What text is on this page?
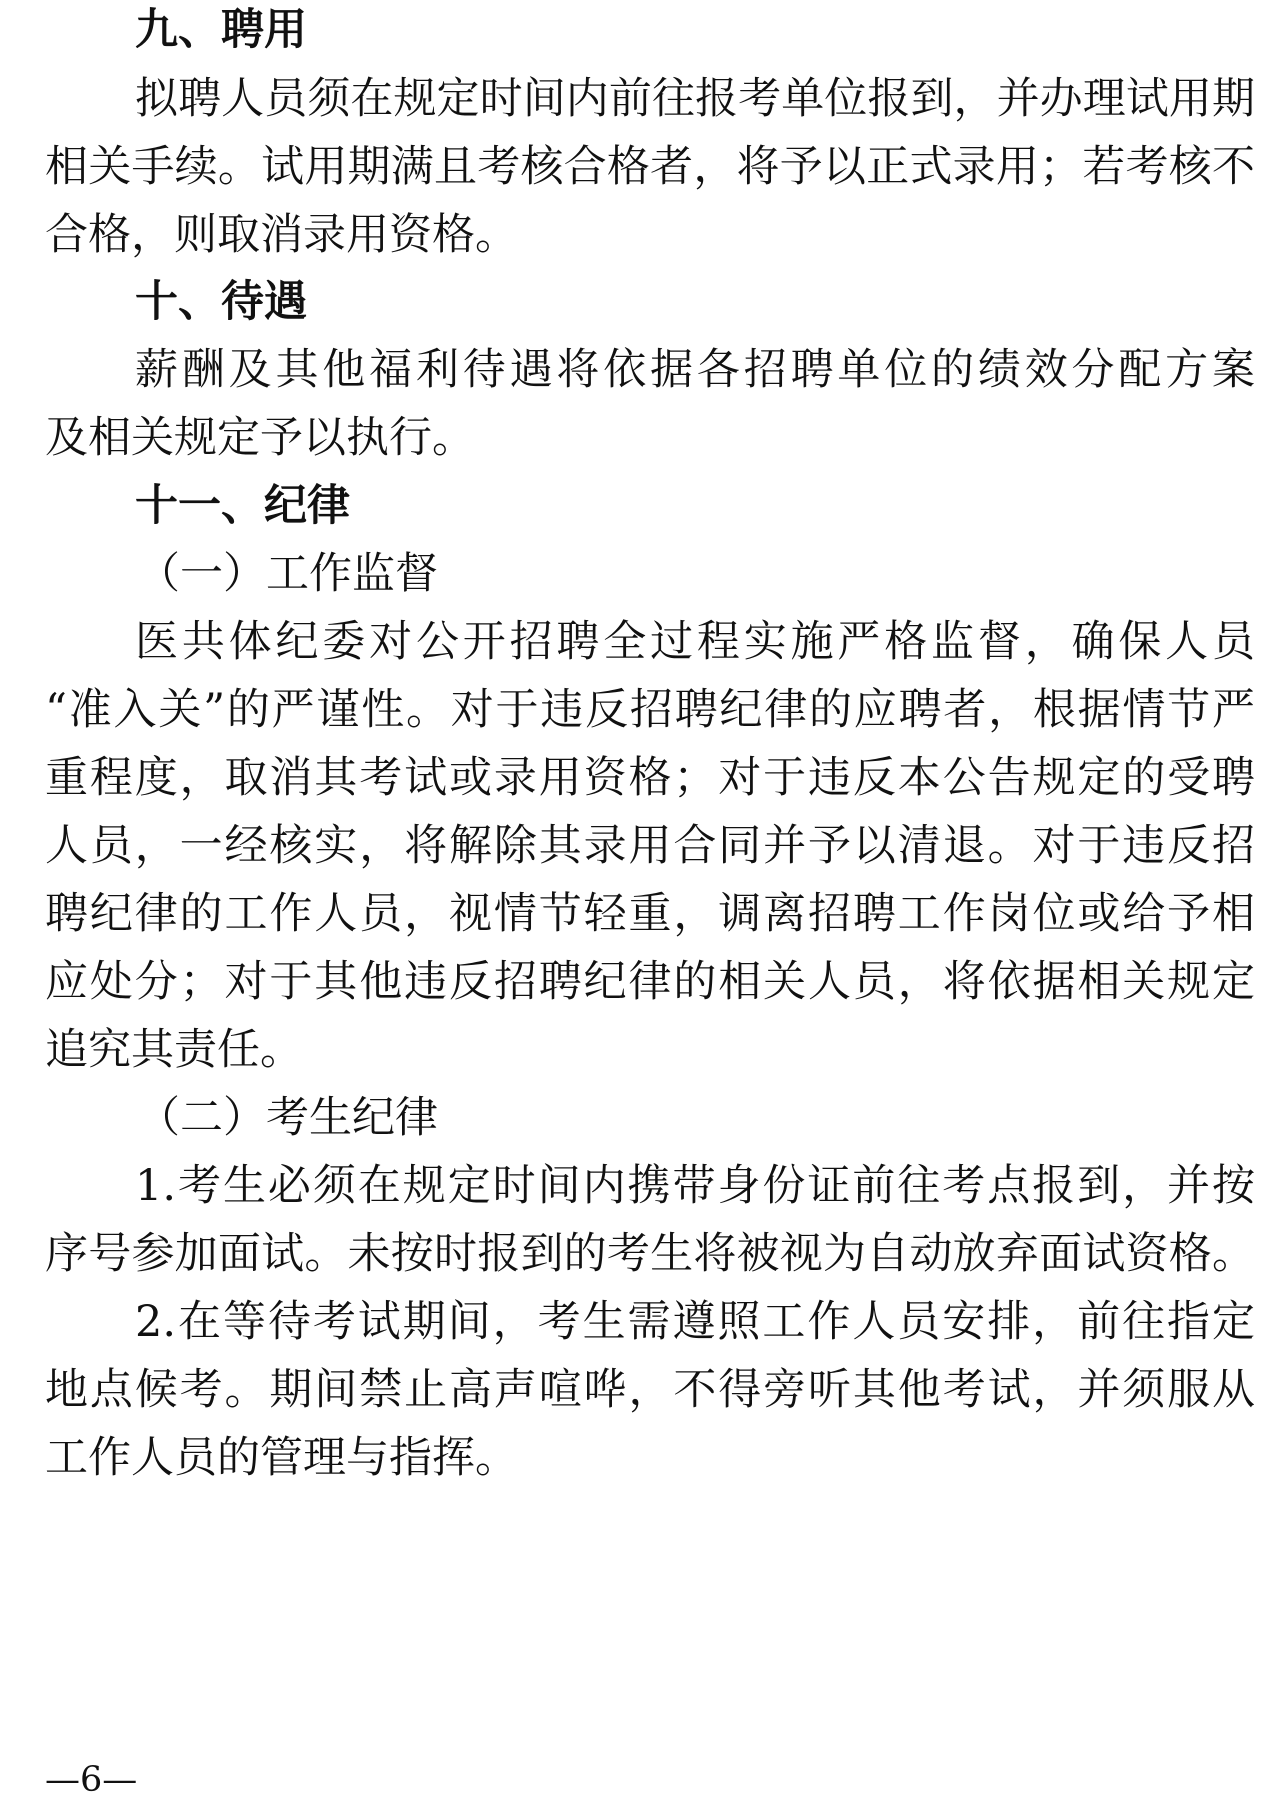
九、聘用
拟聘人员须在规定时间内前往报考单位报到，并办理试用期
相关手续。试用期满且考核合格者，将予以正式录用；若考核不
合格，则取消录用资格。
十、待遇
薪酬及其他福利待遇将依据各招聘单位的绩效分配方案
及相关规定予以执行。
十一、纪律
（一）工作监督
医共体纪委对公开招聘全过程实施严格监督，确保人员
“准入关”的严谨性。对于违反招聘纪律的应聘者，根据情节严
重程度，取消其考试或录用资格；对于违反本公告规定的受聘
人员，一经核实，将解除其录用合同并予以清退。对于违反招
聘纪律的工作人员，视情节轻重，调离招聘工作岗位或给予相
应处分；对于其他违反招聘纪律的相关人员，将依据相关规定
追究其责任。
（二）考生纪律
1.考生必须在规定时间内携带身份证前往考点报到，并按
序号参加面试。未按时报到的考生将被视为自动放弃面试资格。
2.在等待考试期间，考生需遵照工作人员安排，前往指定
地点候考。期间禁止高声喧哗，不得旁听其他考试，并须服从
工作人员的管理与指挥。
—6—
